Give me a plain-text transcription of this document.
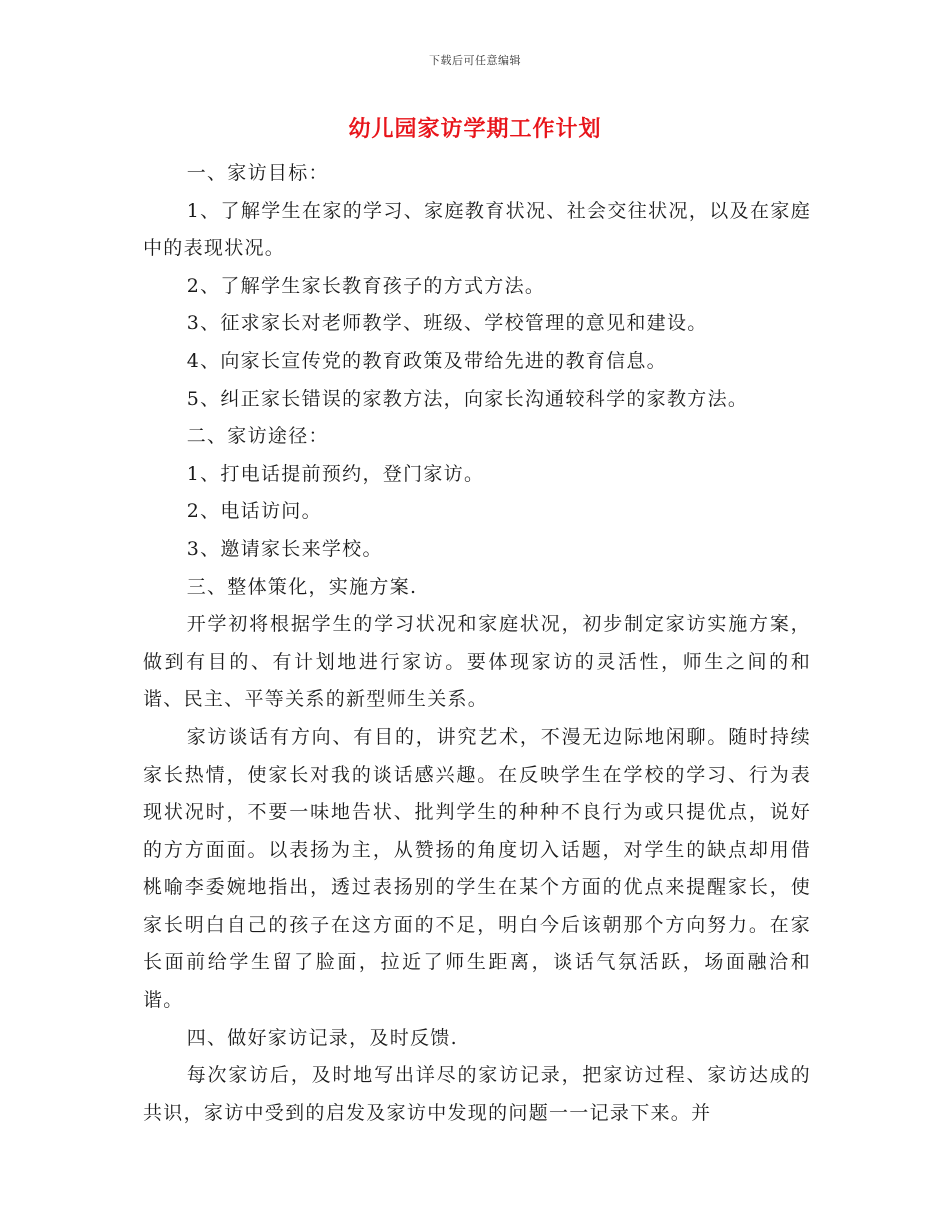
下载后可任意编辑
幼儿园家访学期工作计划

一、家访目标：

1、了解学生在家的学习、家庭教育状况、社会交往状况，以及在家庭中的表现状况。

2、了解学生家长教育孩子的方式方法。

3、征求家长对老师教学、班级、学校管理的意见和建设。

4、向家长宣传党的教育政策及带给先进的教育信息。

5、纠正家长错误的家教方法，向家长沟通较科学的家教方法。

二、家访途径：

1、打电话提前预约，登门家访。

2、电话访问。

3、邀请家长来学校。

三、整体策化，实施方案.

开学初将根据学生的学习状况和家庭状况，初步制定家访实施方案，做到有目的、有计划地进行家访。要体现家访的灵活性，师生之间的和谐、民主、平等关系的新型师生关系。

家访谈话有方向、有目的，讲究艺术，不漫无边际地闲聊。随时持续家长热情，使家长对我的谈话感兴趣。在反映学生在学校的学习、行为表现状况时，不要一味地告状、批判学生的种种不良行为或只提优点，说好的方方面面。以表扬为主，从赞扬的角度切入话题，对学生的缺点却用借桃喻李委婉地指出，透过表扬别的学生在某个方面的优点来提醒家长，使家长明白自己的孩子在这方面的不足，明白今后该朝那个方向努力。在家长面前给学生留了脸面，拉近了师生距离，谈话气氛活跃，场面融洽和谐。

四、做好家访记录，及时反馈.

每次家访后，及时地写出详尽的家访记录，把家访过程、家访达成的共识，家访中受到的启发及家访中发现的问题一一记录下来。并
